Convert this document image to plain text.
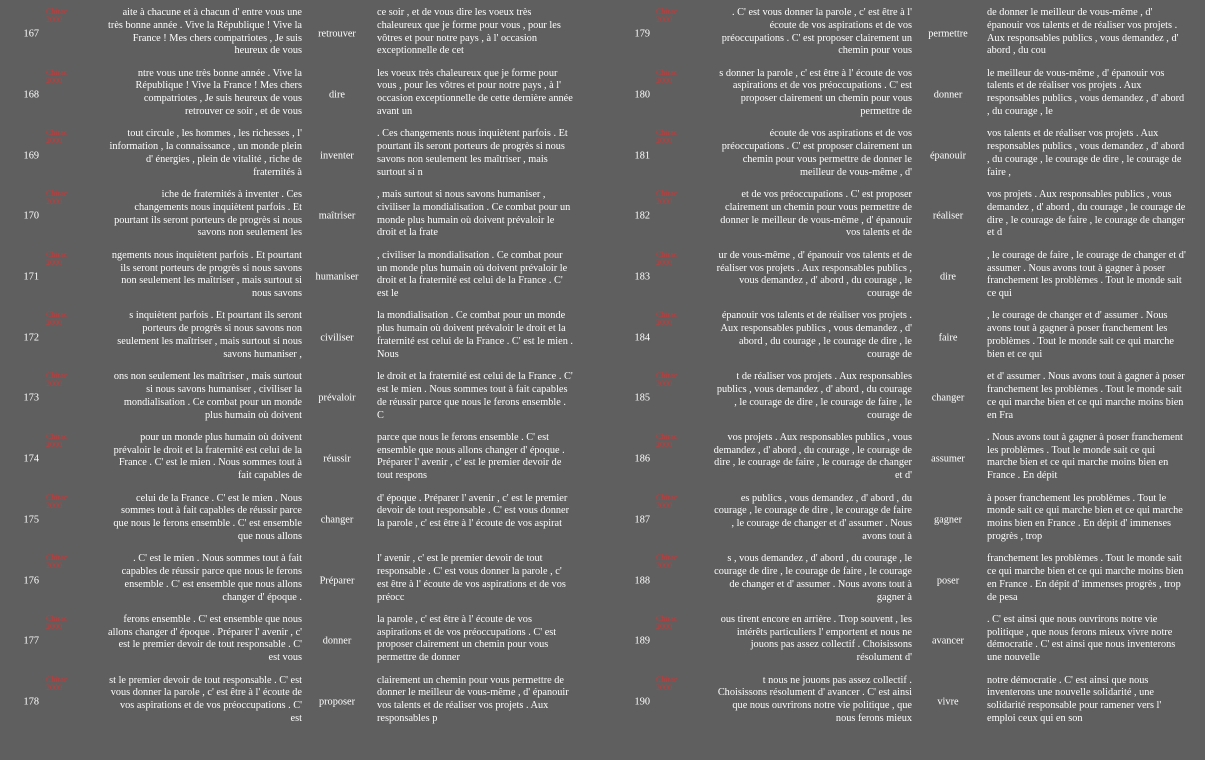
167
Chirac 2000
aite à chacune et à chacun d' entre vous une très bonne année . Vive la République ! Vive la France ! Mes chers compatriotes , Je suis heureux de vous
retrouver
ce soir , et de vous dire les voeux très chaleureux que je forme pour vous , pour les vôtres et pour notre pays , à l' occasion exceptionnelle de cet
168
Chirac 2000
ntre vous une très bonne année . Vive la République ! Vive la France ! Mes chers compatriotes , Je suis heureux de vous retrouver ce soir , et de vous
dire
les voeux très chaleureux que je forme pour vous , pour les vôtres et pour notre pays , à l' occasion exceptionnelle de cette dernière année avant un
169
Chirac 2000
tout circule , les hommes , les richesses , l' information , la connaissance , un monde plein d' énergies , plein de vitalité , riche de fraternités à
inventer
. Ces changements nous inquiètent parfois . Et pourtant ils seront porteurs de progrès si nous savons non seulement les maîtriser , mais surtout si n
170
Chirac 2000
iche de fraternités à inventer . Ces changements nous inquiètent parfois . Et pourtant ils seront porteurs de progrès si nous savons non seulement les
maîtriser
, mais surtout si nous savons humaniser , civiliser la mondialisation . Ce combat pour un monde plus humain où doivent prévaloir le droit et la frate
171
Chirac 2000
ngements nous inquiètent parfois . Et pourtant ils seront porteurs de progrès si nous savons non seulement les maîtriser , mais surtout si nous savons
humaniser
, civiliser la mondialisation . Ce combat pour un monde plus humain où doivent prévaloir le droit et la fraternité est celui de la France . C' est le
172
Chirac 2000
s inquiètent parfois . Et pourtant ils seront porteurs de progrès si nous savons non seulement les maîtriser , mais surtout si nous savons humaniser ,
civiliser
la mondialisation . Ce combat pour un monde plus humain où doivent prévaloir le droit et la fraternité est celui de la France . C' est le mien . Nous
173
Chirac 2000
ons non seulement les maîtriser , mais surtout si nous savons humaniser , civiliser la mondialisation . Ce combat pour un monde plus humain où doivent
prévaloir
le droit et la fraternité est celui de la France . C' est le mien . Nous sommes tout à fait capables de réussir parce que nous le ferons ensemble . C
174
Chirac 2000
pour un monde plus humain où doivent prévaloir le droit et la fraternité est celui de la France . C' est le mien . Nous sommes tout à fait capables de
réussir
parce que nous le ferons ensemble . C' est ensemble que nous allons changer d' époque . Préparer l' avenir , c' est le premier devoir de tout respons
175
Chirac 2000
celui de la France . C' est le mien . Nous sommes tout à fait capables de réussir parce que nous le ferons ensemble . C' est ensemble que nous allons
changer
d' époque . Préparer l' avenir , c' est le premier devoir de tout responsable . C' est vous donner la parole , c' est être à l' écoute de vos aspirat
176
Chirac 2000
. C' est le mien . Nous sommes tout à fait capables de réussir parce que nous le ferons ensemble . C' est ensemble que nous allons changer d' époque .
Préparer
l' avenir , c' est le premier devoir de tout responsable . C' est vous donner la parole , c' est être à l' écoute de vos aspirations et de vos préocc
177
Chirac 2000
ferons ensemble . C' est ensemble que nous allons changer d' époque . Préparer l' avenir , c' est le premier devoir de tout responsable . C' est vous
donner
la parole , c' est être à l' écoute de vos aspirations et de vos préoccupations . C' est proposer clairement un chemin pour vous permettre de donner
178
Chirac 2000
st le premier devoir de tout responsable . C' est vous donner la parole , c' est être à l' écoute de vos aspirations et de vos préoccupations . C' est
proposer
clairement un chemin pour vous permettre de donner le meilleur de vous-même , d' épanouir vos talents et de réaliser vos projets . Aux responsables p
179
Chirac 2000
. C' est vous donner la parole , c' est être à l' écoute de vos aspirations et de vos préoccupations . C' est proposer clairement un chemin pour vous
permettre
de donner le meilleur de vous-même , d' épanouir vos talents et de réaliser vos projets . Aux responsables publics , vous demandez , d' abord , du cou
180
Chirac 2000
s donner la parole , c' est être à l' écoute de vos aspirations et de vos préoccupations . C' est proposer clairement un chemin pour vous permettre de
donner
le meilleur de vous-même , d' épanouir vos talents et de réaliser vos projets . Aux responsables publics , vous demandez , d' abord , du courage , le
181
Chirac 2000
écoute de vos aspirations et de vos préoccupations . C' est proposer clairement un chemin pour vous permettre de donner le meilleur de vous-même , d'
épanouir
vos talents et de réaliser vos projets . Aux responsables publics , vous demandez , d' abord , du courage , le courage de dire , le courage de faire ,
182
Chirac 2000
et de vos préoccupations . C' est proposer clairement un chemin pour vous permettre de donner le meilleur de vous-même , d' épanouir vos talents et de
réaliser
vos projets . Aux responsables publics , vous demandez , d' abord , du courage , le courage de dire , le courage de faire , le courage de changer et d
183
Chirac 2000
ur de vous-même , d' épanouir vos talents et de réaliser vos projets . Aux responsables publics , vous demandez , d' abord , du courage , le courage de
dire
, le courage de faire , le courage de changer et d' assumer . Nous avons tout à gagner à poser franchement les problèmes . Tout le monde sait ce qui
184
Chirac 2000
épanouir vos talents et de réaliser vos projets . Aux responsables publics , vous demandez , d' abord , du courage , le courage de dire , le courage de
faire
, le courage de changer et d' assumer . Nous avons tout à gagner à poser franchement les problèmes . Tout le monde sait ce qui marche bien et ce qui
185
Chirac 2000
t de réaliser vos projets . Aux responsables publics , vous demandez , d' abord , du courage , le courage de dire , le courage de faire , le courage de
changer
et d' assumer . Nous avons tout à gagner à poser franchement les problèmes . Tout le monde sait ce qui marche bien et ce qui marche moins bien en Fra
186
Chirac 2000
vos projets . Aux responsables publics , vous demandez , d' abord , du courage , le courage de dire , le courage de faire , le courage de changer et d'
assumer
. Nous avons tout à gagner à poser franchement les problèmes . Tout le monde sait ce qui marche bien et ce qui marche moins bien en France . En dépit
187
Chirac 2000
es publics , vous demandez , d' abord , du courage , le courage de dire , le courage de faire , le courage de changer et d' assumer . Nous avons tout à
gagner
à poser franchement les problèmes . Tout le monde sait ce qui marche bien et ce qui marche moins bien en France . En dépit d' immenses progrès , trop
188
Chirac 2000
s , vous demandez , d' abord , du courage , le courage de dire , le courage de faire , le courage de changer et d' assumer . Nous avons tout à gagner à
poser
franchement les problèmes . Tout le monde sait ce qui marche bien et ce qui marche moins bien en France . En dépit d' immenses progrès , trop de pesa
189
Chirac 2000
ous tirent encore en arrière . Trop souvent , les intérêts particuliers l' emportent et nous ne jouons pas assez collectif . Choisissons résolument d'
avancer
. C' est ainsi que nous ouvrirons notre vie politique , que nous ferons mieux vivre notre démocratie . C' est ainsi que nous inventerons une nouvelle
190
Chirac 2000
t nous ne jouons pas assez collectif . Choisissons résolument d' avancer . C' est ainsi que nous ouvrirons notre vie politique , que nous ferons mieux
vivre
notre démocratie . C' est ainsi que nous inventerons une nouvelle solidarité , une solidarité responsable pour ramener vers l' emploi ceux qui en son
